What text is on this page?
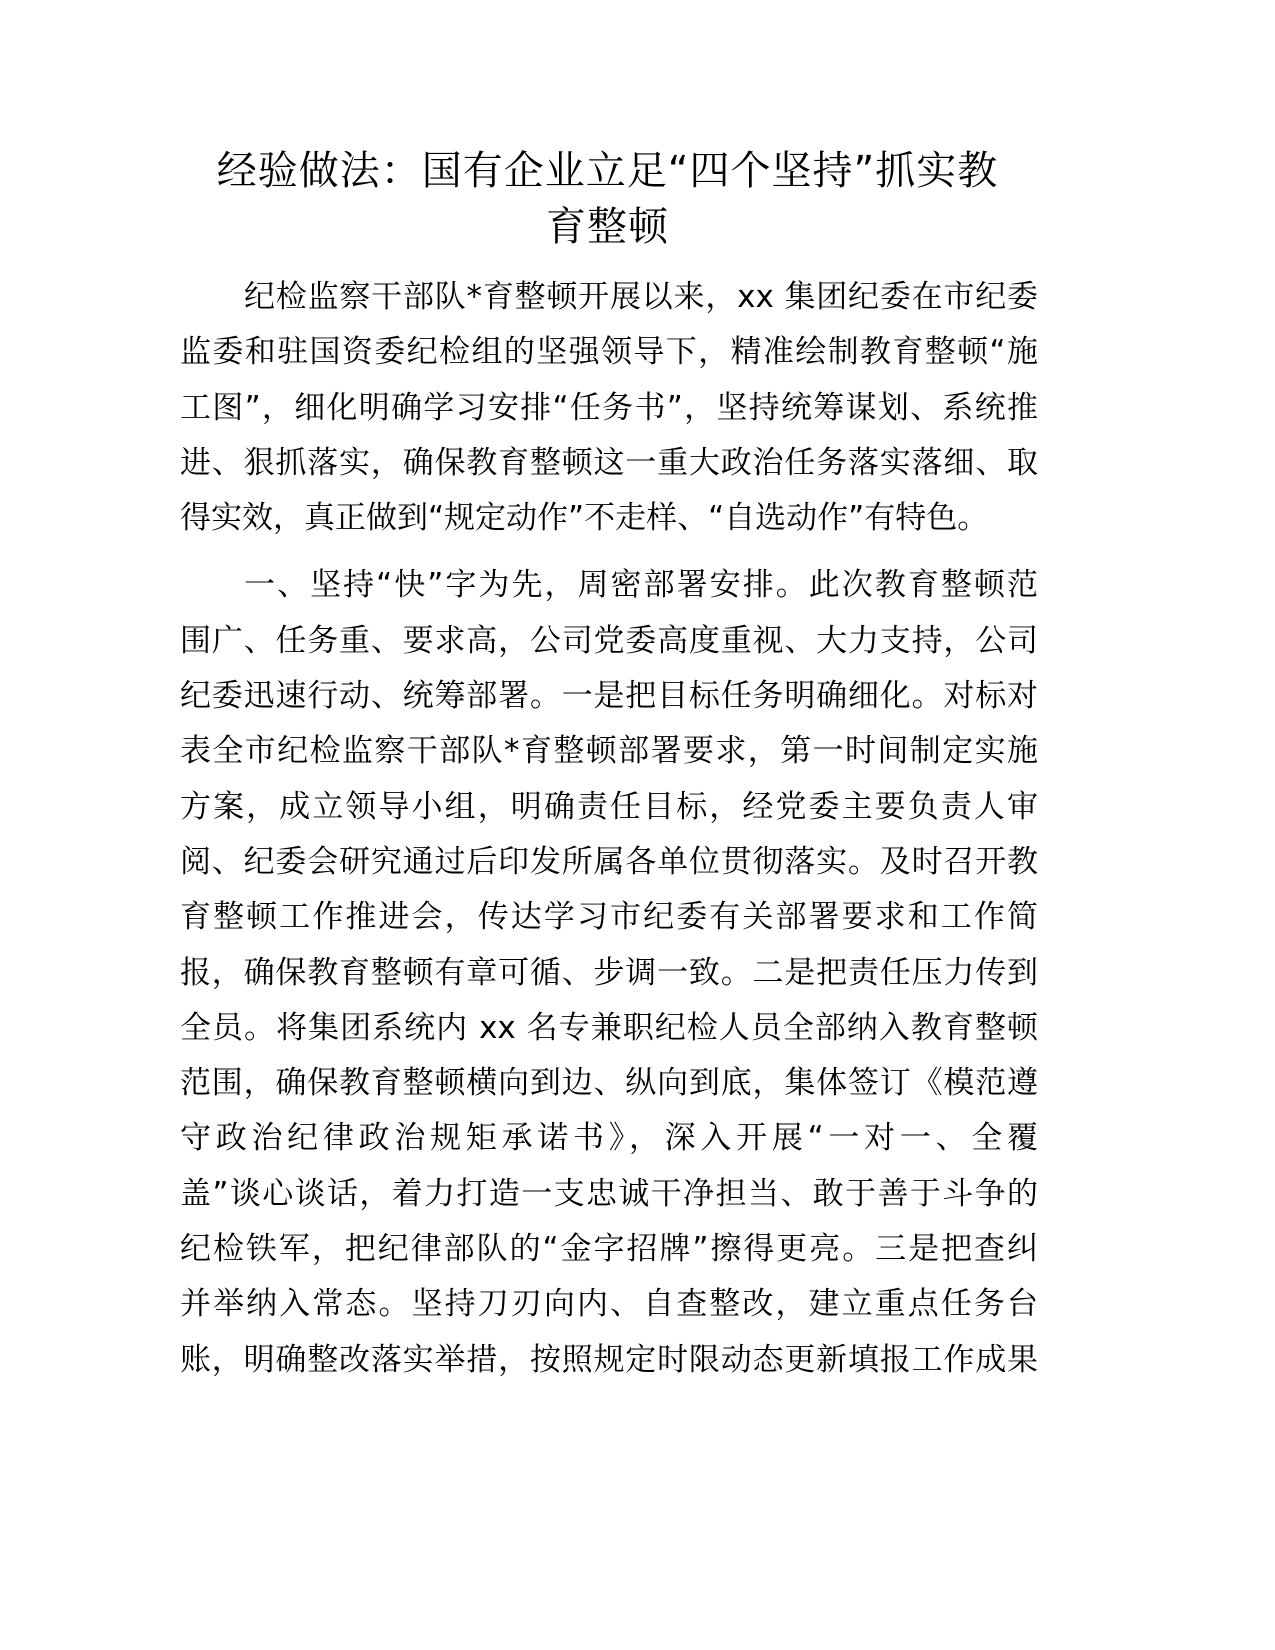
经验做法：国有企业立足“四个坚持”抓实教
育整顿
纪检监察干部队*育整顿开展以来，xx 集团纪委在市纪委
监委和驻国资委纪检组的坚强领导下，精准绘制教育整顿“施
工图”，细化明确学习安排“任务书”，坚持统筹谋划、系统推
进、狠抓落实，确保教育整顿这一重大政治任务落实落细、取
得实效，真正做到“规定动作”不走样、“自选动作”有特色。
一、坚持“快”字为先，周密部署安排。此次教育整顿范
围广、任务重、要求高，公司党委高度重视、大力支持，公司
纪委迅速行动、统筹部署。一是把目标任务明确细化。对标对
表全市纪检监察干部队*育整顿部署要求，第一时间制定实施
方案，成立领导小组，明确责任目标，经党委主要负责人审
阅、纪委会研究通过后印发所属各单位贯彻落实。及时召开教
育整顿工作推进会，传达学习市纪委有关部署要求和工作简
报，确保教育整顿有章可循、步调一致。二是把责任压力传到
全员。将集团系统内 xx 名专兼职纪检人员全部纳入教育整顿
范围，确保教育整顿横向到边、纵向到底，集体签订《模范遵
守政治纪律政治规矩承诺书》，深入开展“一对一、全覆
盖”谈心谈话，着力打造一支忠诚干净担当、敢于善于斗争的
纪检铁军，把纪律部队的“金字招牌”擦得更亮。三是把查纠
并举纳入常态。坚持刀刃向内、自查整改，建立重点任务台
账，明确整改落实举措，按照规定时限动态更新填报工作成果
